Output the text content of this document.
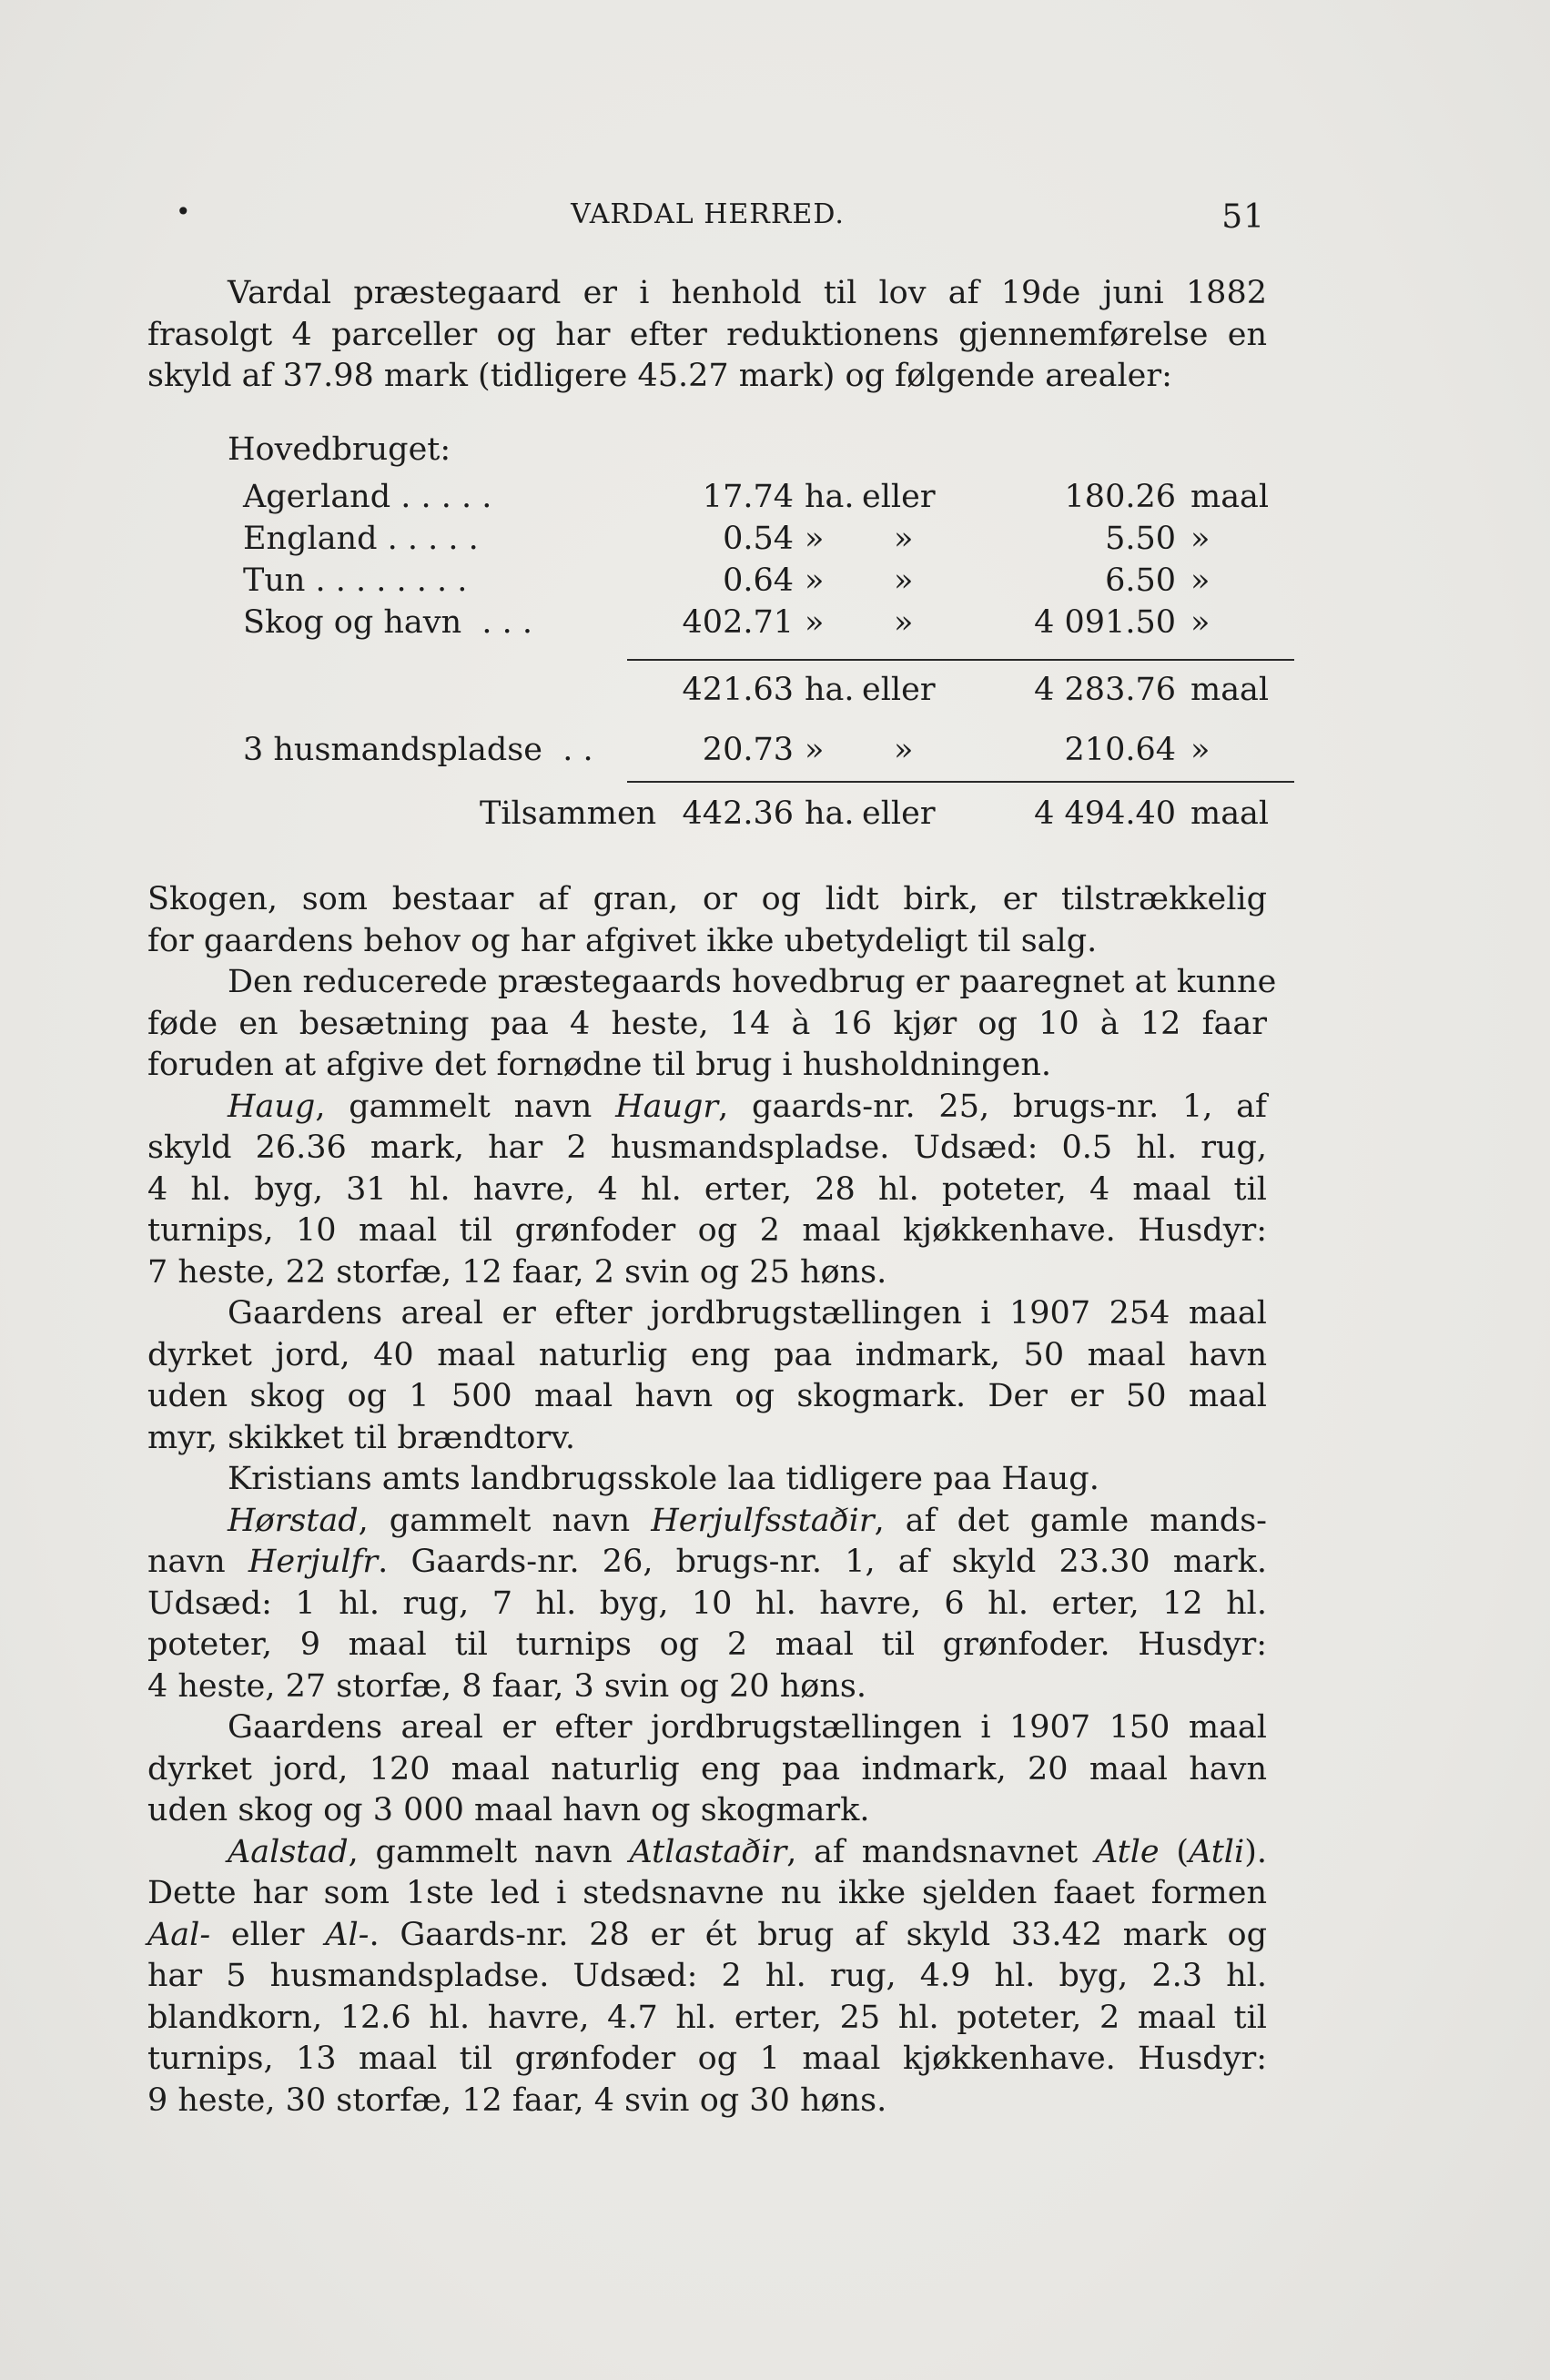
•	VARDAL HERRED.	51
Vardal præstegaard er i henhold til lov af 19de juni 1882
frasolgt 4 parceller og har efter reduktionens gjennemførelse en
skyld af 37.98 mark (tidligere 45.27 mark) og følgende arealer:
Hovedbruget:
Agerland . . . . .	17.74 ha. eller	180.26 maal
England . . . . .	0.54 » »	5.50 »
Tun . . . . . . . .	0.64 » »	6.50 »
Skog og havn  . . .	402.71 » »	4 091.50 »
421.63 ha. eller	4 283.76 maal
3 husmandspladse  . .	20.73 » »	210.64 »
Tilsammen 442.36 ha. eller	4 494.40 maal
Skogen, som bestaar af gran, or og lidt birk, er tilstrækkelig
for gaardens behov og har afgivet ikke ubetydeligt til salg.
Den reducerede præstegaards hovedbrug er paaregnet at kunne
føde en besætning paa 4 heste, 14 à 16 kjør og 10 à 12 faar
foruden at afgive det fornødne til brug i husholdningen.
Haug, gammelt navn Haugr, gaards-nr. 25, brugs-nr. 1, af
skyld 26.36 mark, har 2 husmandspladse. Udsæd: 0.5 hl. rug,
4 hl. byg, 31 hl. havre, 4 hl. erter, 28 hl. poteter, 4 maal til
turnips, 10 maal til grønfoder og 2 maal kjøkkenhave. Husdyr:
7 heste, 22 storfæ, 12 faar, 2 svin og 25 høns.
Gaardens areal er efter jordbrugstællingen i 1907 254 maal
dyrket jord, 40 maal naturlig eng paa indmark, 50 maal havn
uden skog og 1 500 maal havn og skogmark. Der er 50 maal
myr, skikket til brændtorv.
Kristians amts landbrugsskole laa tidligere paa Haug.
Hørstad, gammelt navn Herjulfsstaðir, af det gamle mands-
navn Herjulfr. Gaards-nr. 26, brugs-nr. 1, af skyld 23.30 mark.
Udsæd: 1 hl. rug, 7 hl. byg, 10 hl. havre, 6 hl. erter, 12 hl.
poteter, 9 maal til turnips og 2 maal til grønfoder. Husdyr:
4 heste, 27 storfæ, 8 faar, 3 svin og 20 høns.
Gaardens areal er efter jordbrugstællingen i 1907 150 maal
dyrket jord, 120 maal naturlig eng paa indmark, 20 maal havn
uden skog og 3 000 maal havn og skogmark.
Aalstad, gammelt navn Atlastaðir, af mandsnavnet Atle (Atli).
Dette har som 1ste led i stedsnavne nu ikke sjelden faaet formen
Aal- eller Al-. Gaards-nr. 28 er ét brug af skyld 33.42 mark og
har 5 husmandspladse. Udsæd: 2 hl. rug, 4.9 hl. byg, 2.3 hl.
blandkorn, 12.6 hl. havre, 4.7 hl. erter, 25 hl. poteter, 2 maal til
turnips, 13 maal til grønfoder og 1 maal kjøkkenhave. Husdyr:
9 heste, 30 storfæ, 12 faar, 4 svin og 30 høns.
